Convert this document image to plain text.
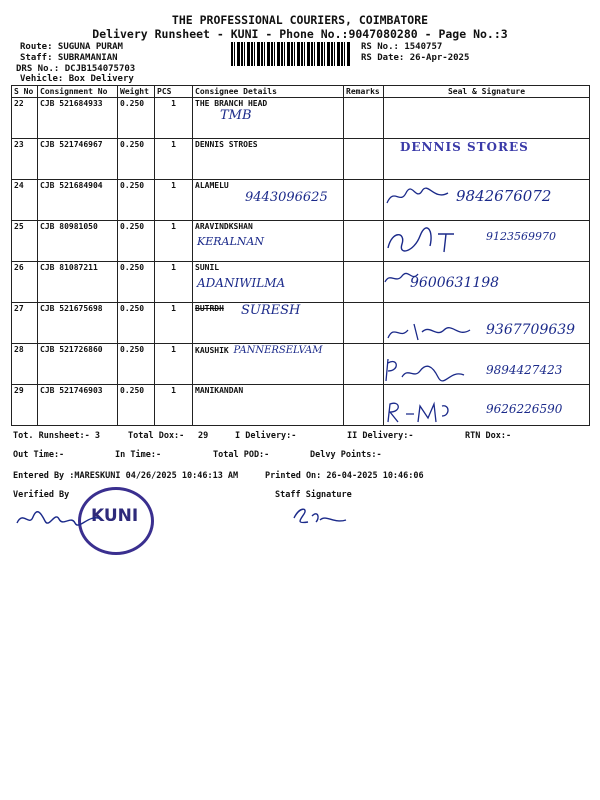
THE PROFESSIONAL COURIERS, COIMBATORE
Delivery Runsheet - KUNI - Phone No.:9047080280 - Page No.:3
Route: SUGUNA PURAM
Staff: SUBRAMANIAN
DRS No.: DCJB154075703
Vehicle: Box Delivery
RS No.: 1540757
RS Date: 26-Apr-2025
S No	Consignment No	Weight	PCS	Consignee Details	Remarks	Seal & Signature
22	CJB 521684933	0.250	1	THE BRANCH HEAD
TMB		

23	CJB 521746967	0.250	1	DENNIS STROES		DENNIS STORES

24	CJB 521684904	0.250	1	ALAMELU
9443096625		9842676072

25	CJB 80981050	0.250	1	ARAVINDKSHAN
KERALNAN		9123569970

26	CJB 81087211	0.250	1	SUNIL
ADANIWILMA		9600631198

27	CJB 521675698	0.250	1	BUTRDH SURESH		9367709639

28	CJB 521726860	0.250	1	KAUSHIK PANNERSELVAM		9894427423

29	CJB 521746903	0.250	1	MANIKANDAN		9626226590
Tot. Runsheet:- 3	Total Dox:- 29	I Delivery:-	II Delivery:-	RTN Dox:-
Out Time:-	In Time:-	Total POD:-	Delvy Points:-
Entered By :MARESKUNI 04/26/2025 10:46:13 AM	Printed On: 26-04-2025 10:46:06
Verified By	Staff Signature
KUNI
